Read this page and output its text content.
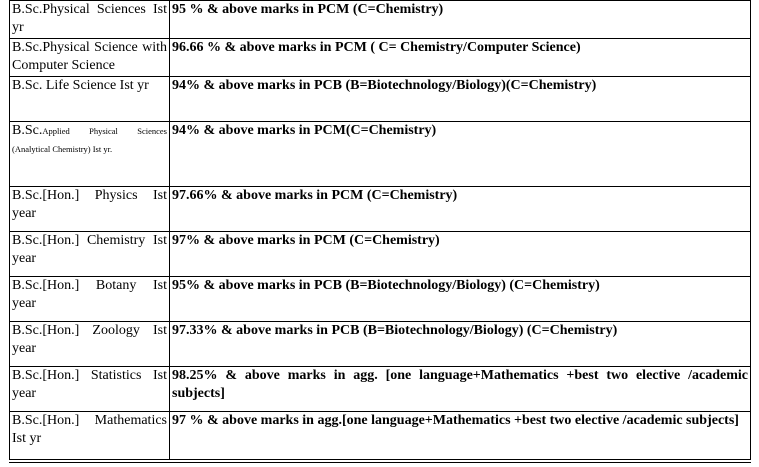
B.Sc.Physical Sciences Ist yr	95 % & above marks in PCM (C=Chemistry)
B.Sc.Physical Science with Computer Science	96.66 % & above marks in PCM ( C= Chemistry/Computer Science)
B.Sc. Life Science Ist yr	94% & above marks in PCB (B=Biotechnology/Biology)(C=Chemistry)
B.Sc.Applied Physical Sciences (Analytical Chemistry) Ist yr.	94% & above marks in PCM(C=Chemistry)
B.Sc.[Hon.] Physics Ist year	97.66% & above marks in PCM (C=Chemistry)
B.Sc.[Hon.] Chemistry Ist year	97% & above marks in PCM (C=Chemistry)
B.Sc.[Hon.] Botany Ist year	95% & above marks in PCB (B=Biotechnology/Biology) (C=Chemistry)
B.Sc.[Hon.] Zoology Ist year	97.33% & above marks in PCB (B=Biotechnology/Biology) (C=Chemistry)
B.Sc.[Hon.] Statistics Ist year	98.25% & above marks in agg. [one language+Mathematics +best two elective /academic subjects]
B.Sc.[Hon.] Mathematics Ist yr	97 % & above marks in agg.[one language+Mathematics +best two elective /academic subjects]
